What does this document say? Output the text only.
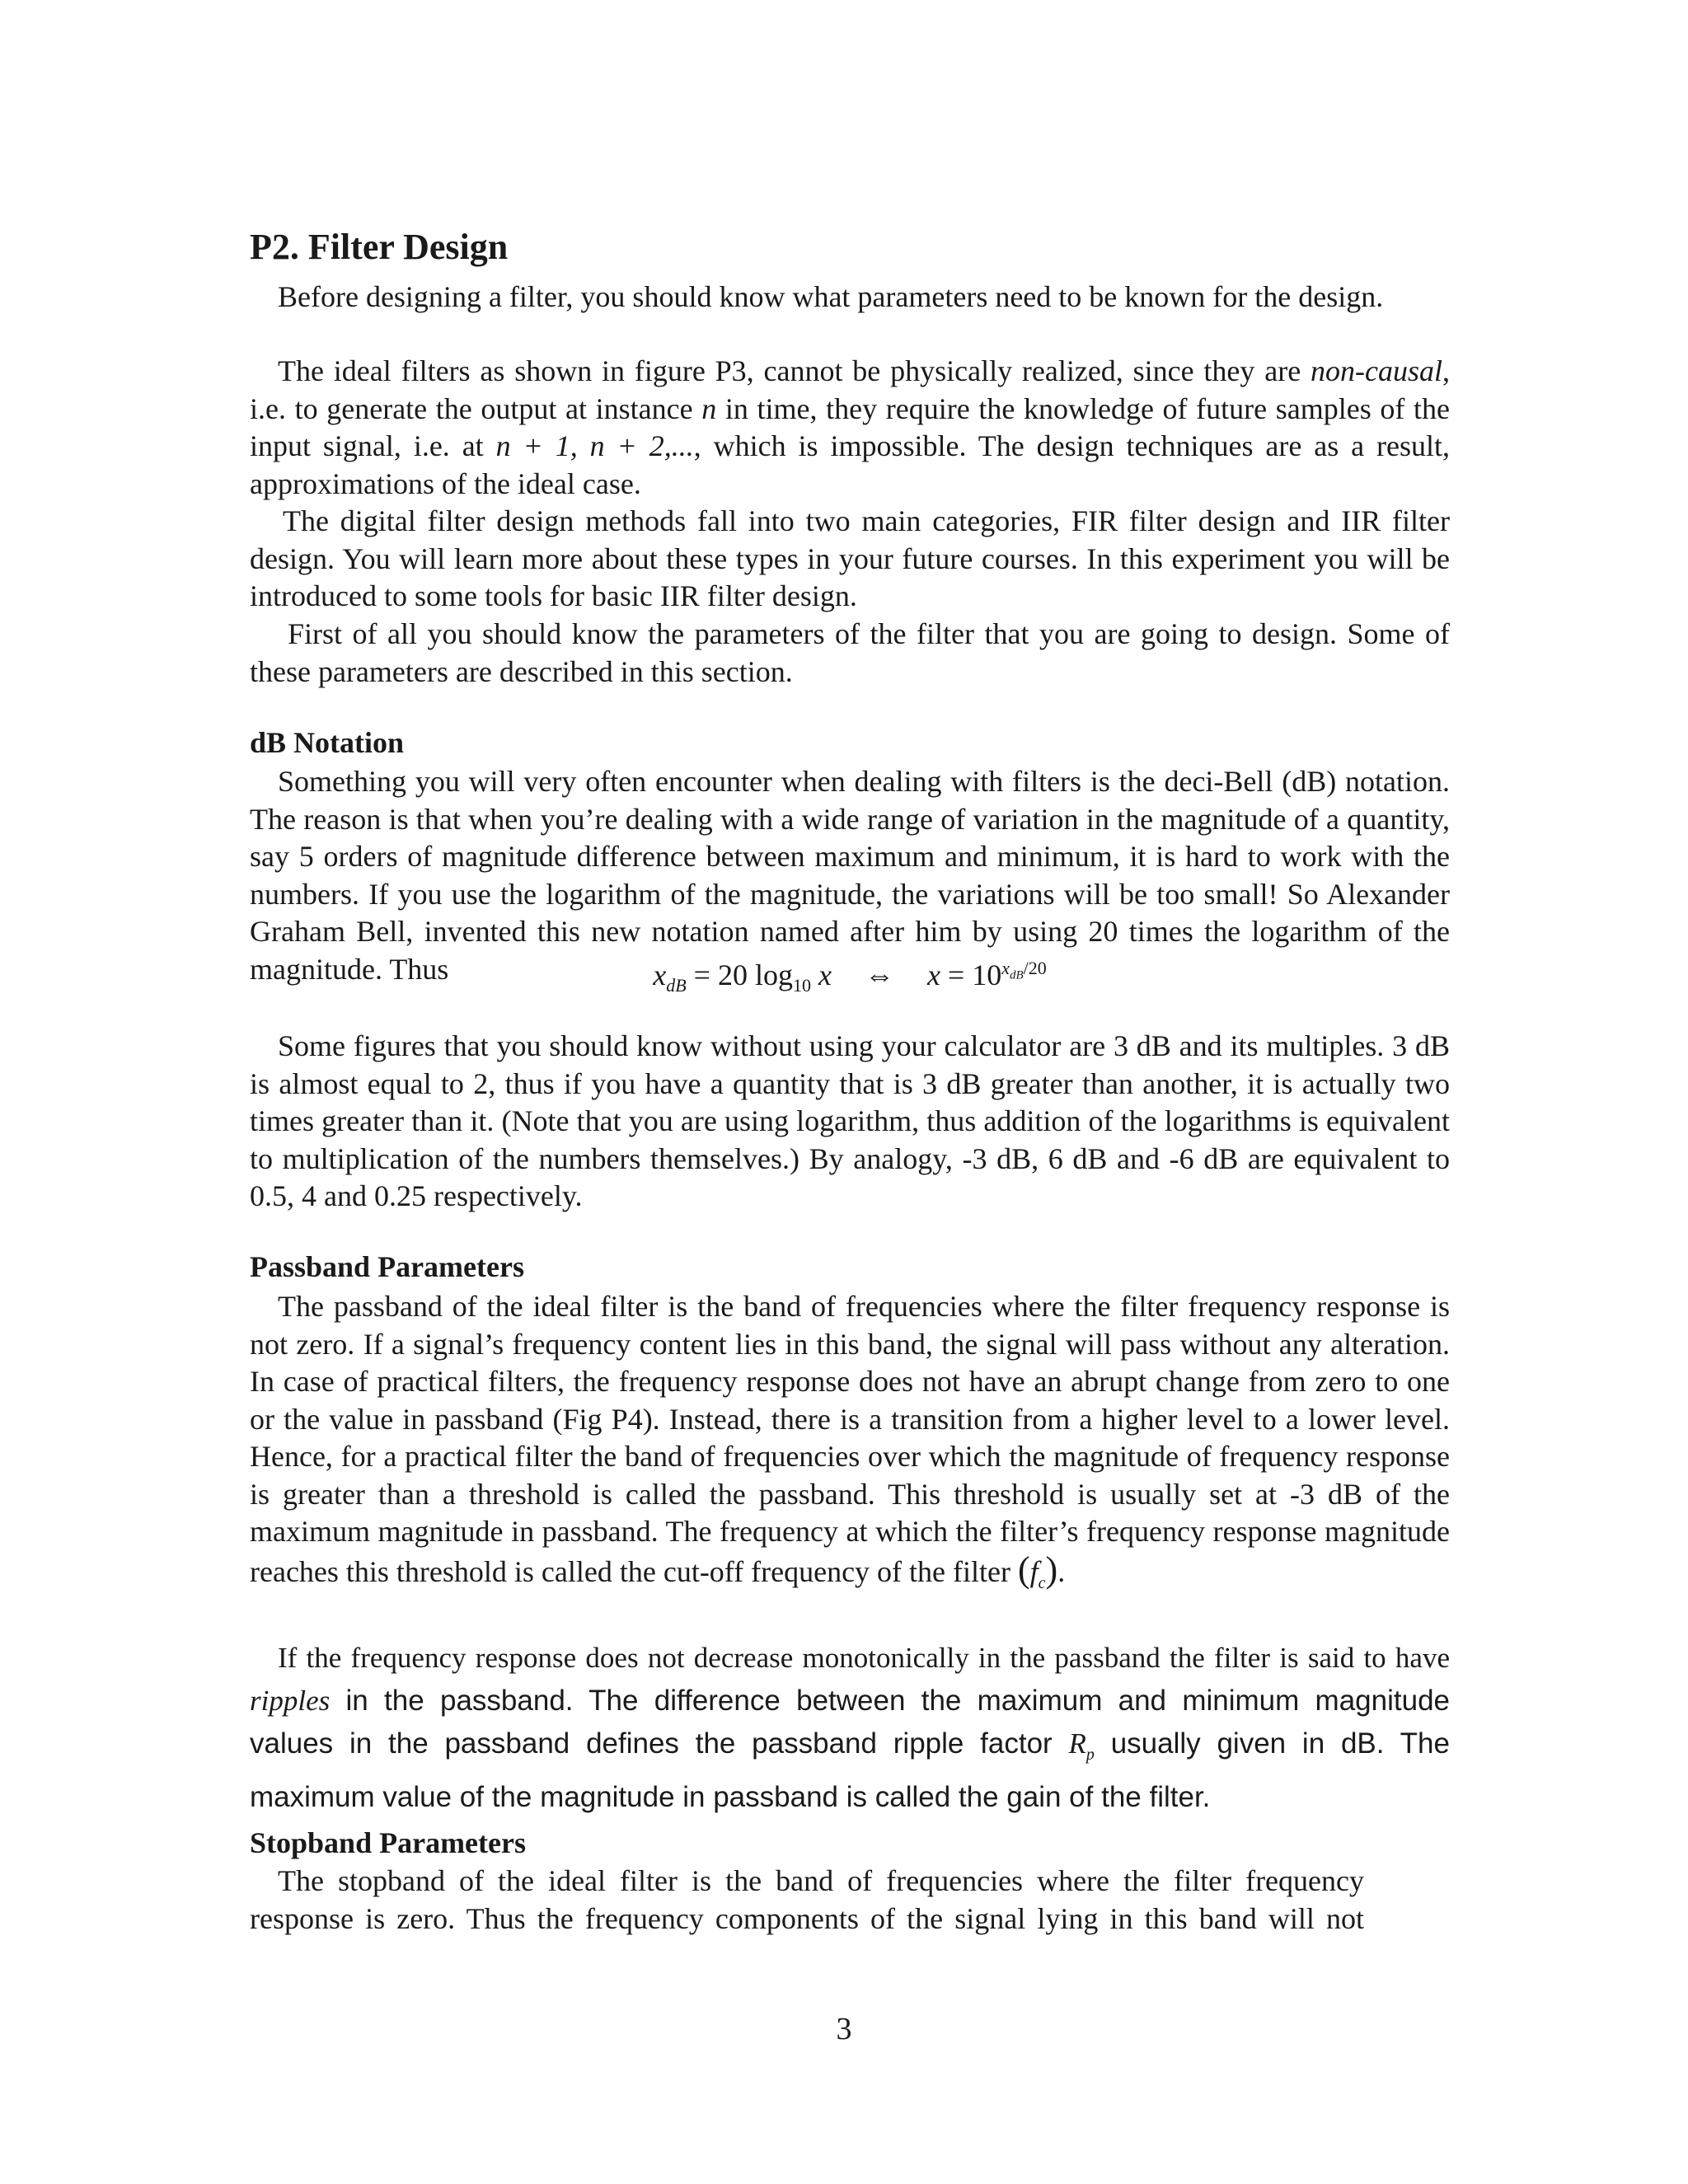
P2. Filter Design
Before designing a filter, you should know what parameters need to be known for the design.
The ideal filters as shown in figure P3, cannot be physically realized, since they are non-causal, i.e. to generate the output at instance n in time, they require the knowledge of future samples of the input signal, i.e. at n + 1, n + 2,..., which is impossible. The design techniques are as a result, approximations of the ideal case.
The digital filter design methods fall into two main categories, FIR filter design and IIR filter design. You will learn more about these types in your future courses. In this experiment you will be introduced to some tools for basic IIR filter design.
First of all you should know the parameters of the filter that you are going to design. Some of these parameters are described in this section.
dB Notation
Something you will very often encounter when dealing with filters is the deci-Bell (dB) notation. The reason is that when you’re dealing with a wide range of variation in the magnitude of a quantity, say 5 orders of magnitude difference between maximum and minimum, it is hard to work with the numbers. If you use the logarithm of the magnitude, the variations will be too small! So Alexander Graham Bell, invented this new notation named after him by using 20 times the logarithm of the magnitude. Thus	$x_{dB} = 20$ $\log_{10} x$ ⇔ $x = 10^{x_{dB}/20}$
Some figures that you should know without using your calculator are 3 dB and its multiples. 3 dB is almost equal to 2, thus if you have a quantity that is 3 dB greater than another, it is actually two times greater than it. (Note that you are using logarithm, thus addition of the logarithms is equivalent to multiplication of the numbers themselves.) By analogy, -3 dB, 6 dB and -6 dB are equivalent to 0.5, 4 and 0.25 respectively.
Passband Parameters
The passband of the ideal filter is the band of frequencies where the filter frequency response is not zero. If a signal’s frequency content lies in this band, the signal will pass without any alteration. In case of practical filters, the frequency response does not have an abrupt change from zero to one or the value in passband (Fig P4). Instead, there is a transition from a higher level to a lower level. Hence, for a practical filter the band of frequencies over which the magnitude of frequency response is greater than a threshold is called the passband. This threshold is usually set at -3 dB of the maximum magnitude in passband. The frequency at which the filter’s frequency response magnitude reaches this threshold is called the cut-off frequency of the filter $(f_c)$.
If the frequency response does not decrease monotonically in the passband the filter is said to have ripples in the passband. The difference between the maximum and minimum magnitude values in the passband defines the passband ripple factor $R_p$ usually given in dB. The maximum value of the magnitude in passband is called the gain of the filter.
Stopband Parameters
The stopband of the ideal filter is the band of frequencies where the filter frequency response is zero. Thus the frequency components of the signal lying in this band will not
3
